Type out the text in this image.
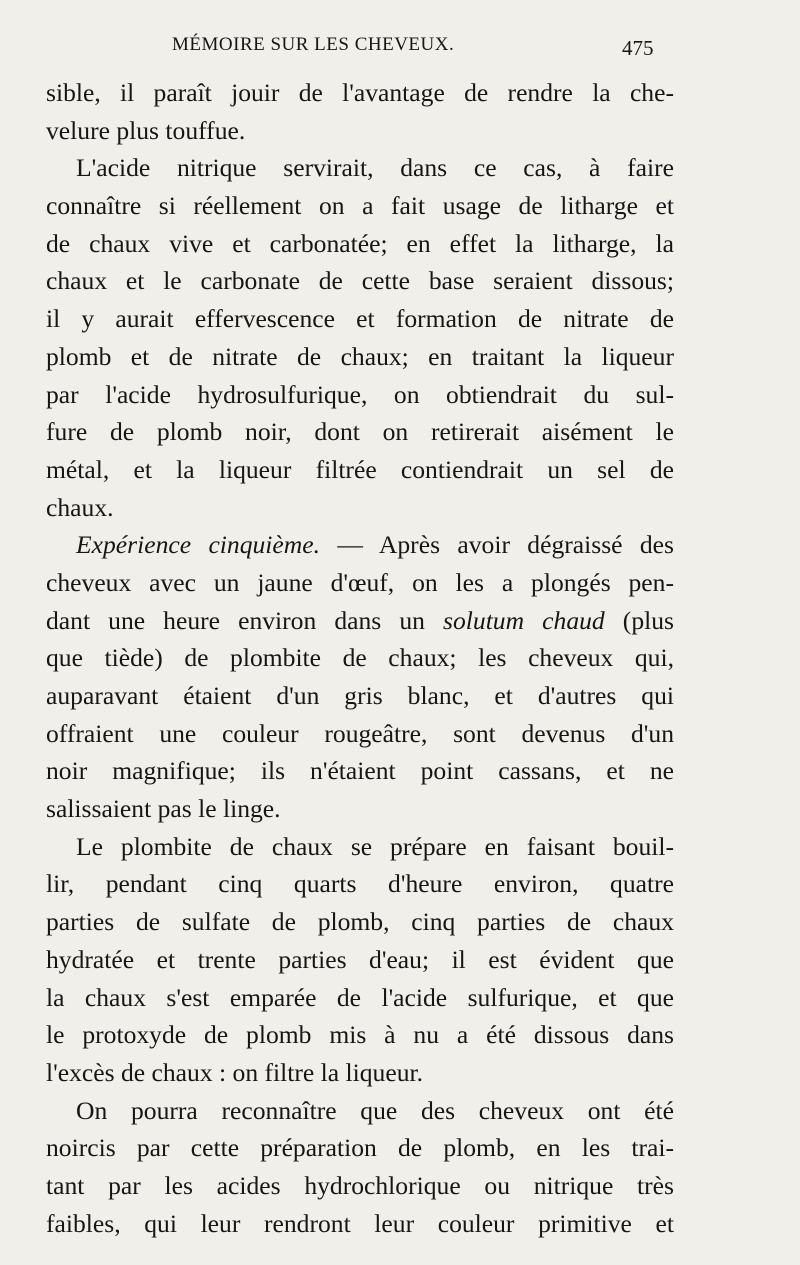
MÉMOIRE SUR LES CHEVEUX.	475
sible, il paraît jouir de l'avantage de rendre la che-
velure plus touffue.
L'acide nitrique servirait, dans ce cas, à faire
connaître si réellement on a fait usage de litharge et
de chaux vive et carbonatée; en effet la litharge, la
chaux et le carbonate de cette base seraient dissous;
il y aurait effervescence et formation de nitrate de
plomb et de nitrate de chaux; en traitant la liqueur
par l'acide hydrosulfurique, on obtiendrait du sul-
fure de plomb noir, dont on retirerait aisément le
métal, et la liqueur filtrée contiendrait un sel de
chaux.
Expérience cinquième. — Après avoir dégraissé des
cheveux avec un jaune d'œuf, on les a plongés pen-
dant une heure environ dans un solutum chaud (plus
que tiède) de plombite de chaux; les cheveux qui,
auparavant étaient d'un gris blanc, et d'autres qui
offraient une couleur rougeâtre, sont devenus d'un
noir magnifique; ils n'étaient point cassans, et ne
salissaient pas le linge.
Le plombite de chaux se prépare en faisant bouil-
lir, pendant cinq quarts d'heure environ, quatre
parties de sulfate de plomb, cinq parties de chaux
hydratée et trente parties d'eau; il est évident que
la chaux s'est emparée de l'acide sulfurique, et que
le protoxyde de plomb mis à nu a été dissous dans
l'excès de chaux : on filtre la liqueur.
On pourra reconnaître que des cheveux ont été
noircis par cette préparation de plomb, en les trai-
tant par les acides hydrochlorique ou nitrique très
faibles, qui leur rendront leur couleur primitive et
